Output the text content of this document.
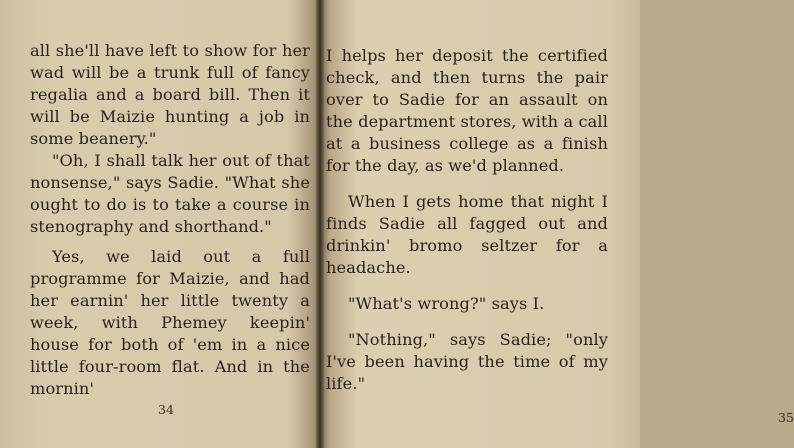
all she'll have left to show for her wad will be a trunk full of fancy regalia and a board bill. Then it will be Maizie hunting a job in some beanery."

"Oh, I shall talk her out of that nonsense," says Sadie. "What she ought to do is to take a course in stenography and shorthand."

Yes, we laid out a full programme for Maizie, and had her earnin' her little twenty a week, with Phemey keepin' house for both of 'em in a nice little four-room flat. And in the mornin'

34

I helps her deposit the certified check, and then turns the pair over to Sadie for an assault on the department stores, with a call at a business college as a finish for the day, as we'd planned.

When I gets home that night I finds Sadie all fagged out and drinkin' bromo seltzer for a headache.

"What's wrong?" says I.

"Nothing," says Sadie; "only I've been having the time of my life."

35
